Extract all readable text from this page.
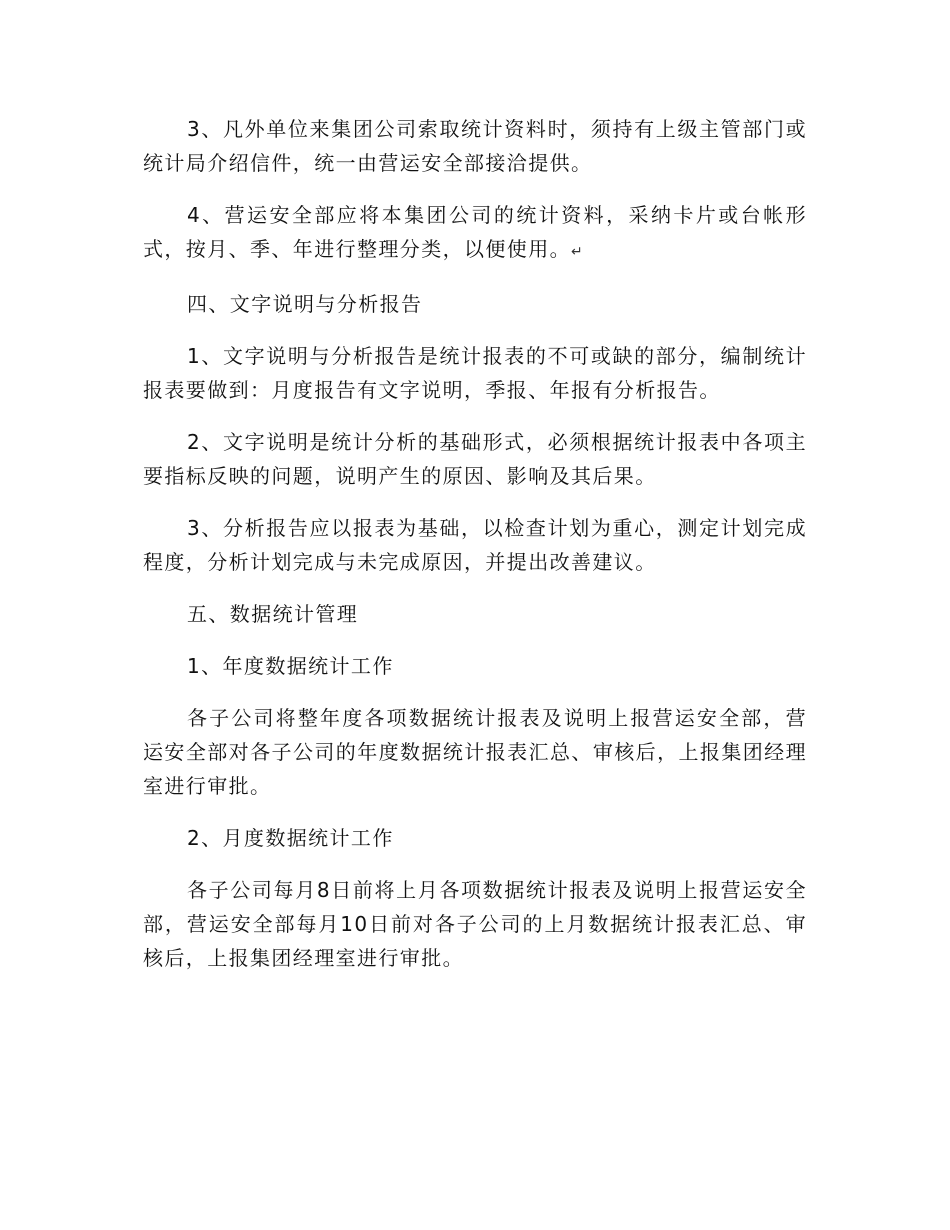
3、凡外单位来集团公司索取统计资料时，须持有上级主管部门或统计局介绍信件，统一由营运安全部接洽提供。

4、营运安全部应将本集团公司的统计资料，采纳卡片或台帐形式，按月、季、年进行整理分类，以便使用。↵

四、文字说明与分析报告

1、文字说明与分析报告是统计报表的不可或缺的部分，编制统计报表要做到：月度报告有文字说明，季报、年报有分析报告。

2、文字说明是统计分析的基础形式，必须根据统计报表中各项主要指标反映的问题，说明产生的原因、影响及其后果。

3、分析报告应以报表为基础，以检查计划为重心，测定计划完成程度，分析计划完成与未完成原因，并提出改善建议。

五、数据统计管理

1、年度数据统计工作

各子公司将整年度各项数据统计报表及说明上报营运安全部，营运安全部对各子公司的年度数据统计报表汇总、审核后，上报集团经理室进行审批。

2、月度数据统计工作

各子公司每月8日前将上月各项数据统计报表及说明上报营运安全部，营运安全部每月10日前对各子公司的上月数据统计报表汇总、审核后，上报集团经理室进行审批。
